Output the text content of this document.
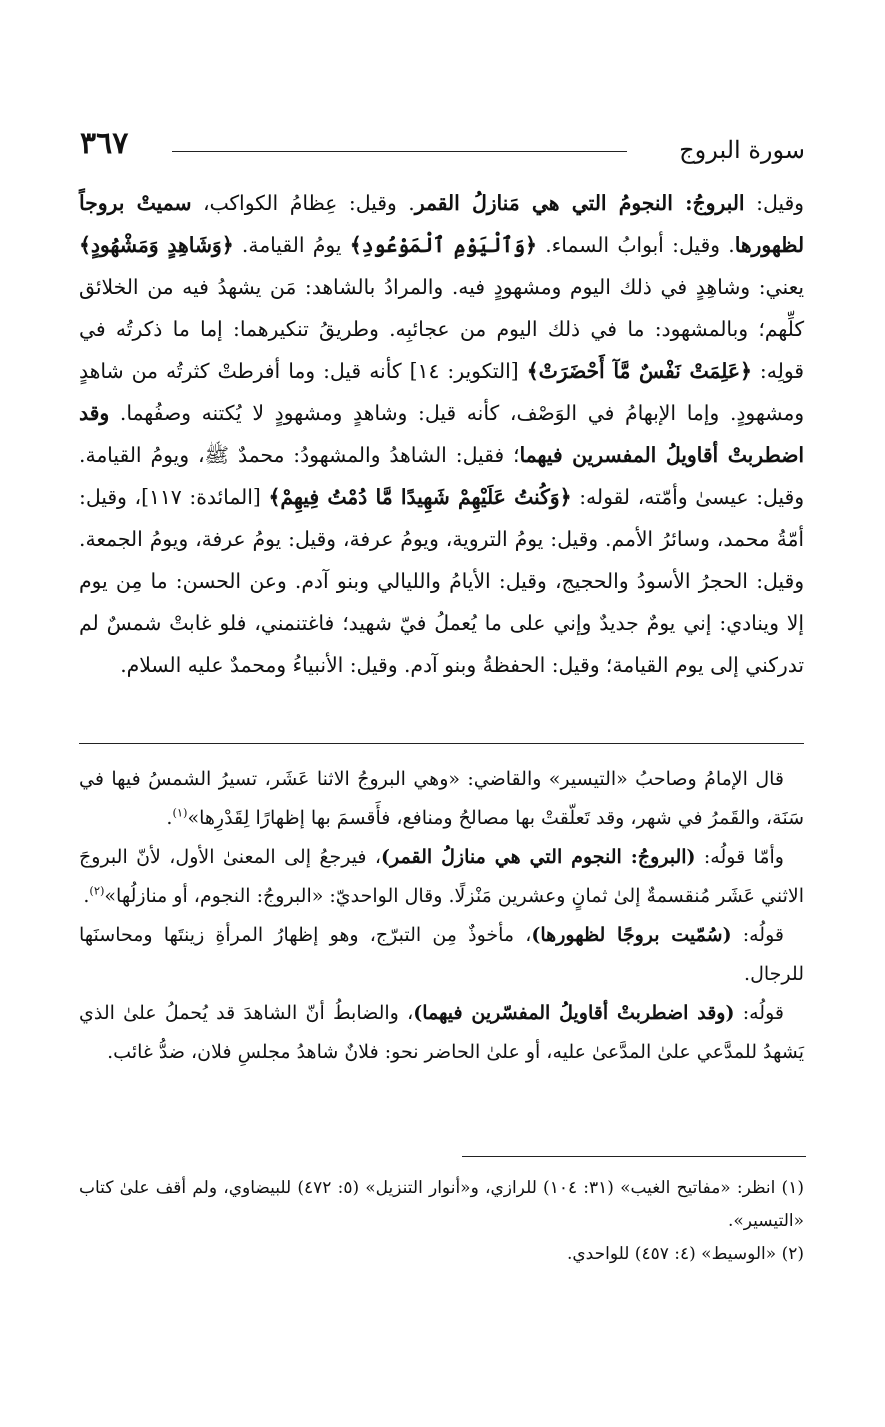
٣٦٧	سورة البروج

وقيل: البروجُ: النجومُ التي هي مَنازلُ القمر. وقيل: عِظامُ الكواكب، سميتْ بروجاً لظهورها. وقيل: أبوابُ السماء. ﴿وَٱلْيَوْمِ ٱلْمَوْعُودِ﴾ يومُ القيامة. ﴿وَشَاهِدٍ وَمَشْهُودٍ﴾ يعني: وشاهِدٍ في ذلك اليوم ومشهودٍ فيه. والمرادُ بالشاهد: مَن يشهدُ فيه من الخلائق كلِّهم؛ وبالمشهود: ما في ذلك اليوم من عجائبِه. وطريقُ تنكيرهما: إما ما ذكرتُه في قولِه: ﴿عَلِمَتْ نَفْسٌ مَّآ أَحْضَرَتْ﴾ [التكوير: ١٤] كأنه قيل: وما أفرطتْ كثرتُه من شاهدٍ ومشهودٍ. وإما الإبهامُ في الوَصْف، كأنه قيل: وشاهدٍ ومشهودٍ لا يُكتنه وصفُهما. وقد اضطربتْ أقاويلُ المفسرين فيهما؛ فقيل: الشاهدُ والمشهودُ: محمدٌ ﷺ، ويومُ القيامة. وقيل: عيسىٰ وأمّته، لقوله: ﴿وَكُنتُ عَلَيْهِمْ شَهِيدًا مَّا دُمْتُ فِيهِمْ﴾ [المائدة: ١١٧]، وقيل: أمّةُ محمد، وسائرُ الأمم. وقيل: يومُ التروية، ويومُ عرفة، وقيل: يومُ عرفة، ويومُ الجمعة. وقيل: الحجرُ الأسودُ والحجيج، وقيل: الأيامُ والليالي وبنو آدم. وعن الحسن: ما مِن يوم إلا وينادي: إني يومٌ جديدٌ وإني على ما يُعملُ فيّ شهيد؛ فاغتنمني، فلو غابتْ شمسٌ لم تدركني إلى يوم القيامة؛ وقيل: الحفظةُ وبنو آدم. وقيل: الأنبياءُ ومحمدٌ عليه السلام.

قال الإمامُ وصاحبُ «التيسير» والقاضي: «وهي البروجُ الاثنا عَشَر، تسيرُ الشمسُ فيها في سَنَة، والقَمرُ في شهر، وقد تَعلّقتْ بها مصالحُ ومنافع، فأَقسمَ بها إظهارًا لِقَدْرِها»$^{(١)}$.

وأمّا قولُه: (البروجُ: النجوم التي هي منازلُ القمر)، فيرجعُ إلى المعنىٰ الأول، لأنّ البروجَ الاثني عَشَر مُنقسمةٌ إلىٰ ثمانٍ وعشرين مَنْزلًا. وقال الواحديّ: «البروجُ: النجوم، أو منازلُها»$^{(٢)}$.

قولُه: (سُمّيت بروجًا لظهورها)، مأخوذٌ مِن التبرّج، وهو إظهارُ المرأةِ زينتَها ومحاسنَها للرجال.

قولُه: (وقد اضطربتْ أقاويلُ المفسّرين فيهما)، والضابطُ أنّ الشاهدَ قد يُحملُ علىٰ الذي يَشهدُ للمدَّعي علىٰ المدَّعىٰ عليه، أو علىٰ الحاضر نحو: فلانٌ شاهدُ مجلسِ فلان، ضدُّ غائب.

(١) انظر: «مفاتيح الغيب» (٣١: ١٠٤) للرازي، و«أنوار التنزيل» (٥: ٤٧٢) للبيضاوي، ولم أقف علىٰ كتاب «التيسير».

(٢) «الوسيط» (٤: ٤٥٧) للواحدي.
